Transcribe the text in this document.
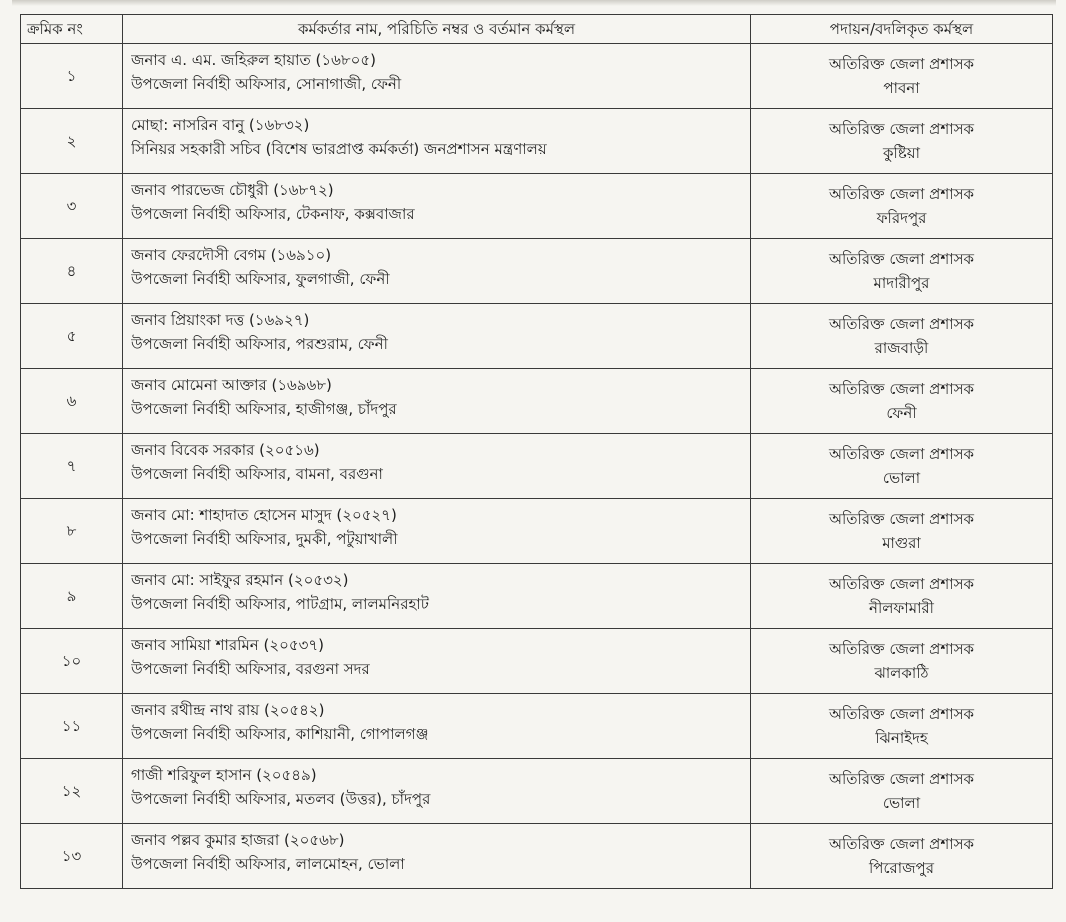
ক্রমিক নং	কর্মকর্তার নাম, পরিচিতি নম্বর ও বর্তমান কর্মস্থল	পদায়ন/বদলিকৃত কর্মস্থল
১	জনাব এ. এম. জহিরুল হায়াত (১৬৮০৫)
উপজেলা নির্বাহী অফিসার, সোনাগাজী, ফেনী	অতিরিক্ত জেলা প্রশাসক
পাবনা

২	মোছা: নাসরিন বানু (১৬৮৩২)
সিনিয়র সহকারী সচিব (বিশেষ ভারপ্রাপ্ত কর্মকর্তা) জনপ্রশাসন মন্ত্রণালয়	অতিরিক্ত জেলা প্রশাসক
কুষ্টিয়া

৩	জনাব পারভেজ চৌধুরী (১৬৮৭২)
উপজেলা নির্বাহী অফিসার, টেকনাফ, কক্সবাজার	অতিরিক্ত জেলা প্রশাসক
ফরিদপুর

৪	জনাব ফেরদৌসী বেগম (১৬৯১০)
উপজেলা নির্বাহী অফিসার, ফুলগাজী, ফেনী	অতিরিক্ত জেলা প্রশাসক
মাদারীপুর

৫	জনাব প্রিয়াংকা দত্ত (১৬৯২৭)
উপজেলা নির্বাহী অফিসার, পরশুরাম, ফেনী	অতিরিক্ত জেলা প্রশাসক
রাজবাড়ী

৬	জনাব মোমেনা আক্তার (১৬৯৬৮)
উপজেলা নির্বাহী অফিসার, হাজীগঞ্জ, চাঁদপুর	অতিরিক্ত জেলা প্রশাসক
ফেনী

৭	জনাব বিবেক সরকার (২০৫১৬)
উপজেলা নির্বাহী অফিসার, বামনা, বরগুনা	অতিরিক্ত জেলা প্রশাসক
ভোলা

৮	জনাব মো: শাহাদাত হোসেন মাসুদ (২০৫২৭)
উপজেলা নির্বাহী অফিসার, দুমকী, পটুয়াখালী	অতিরিক্ত জেলা প্রশাসক
মাগুরা

৯	জনাব মো: সাইফুর রহমান (২০৫৩২)
উপজেলা নির্বাহী অফিসার, পাটগ্রাম, লালমনিরহাট	অতিরিক্ত জেলা প্রশাসক
নীলফামারী

১০	জনাব সামিয়া শারমিন (২০৫৩৭)
উপজেলা নির্বাহী অফিসার, বরগুনা সদর	অতিরিক্ত জেলা প্রশাসক
ঝালকাঠি

১১	জনাব রথীন্দ্র নাথ রায় (২০৫৪২)
উপজেলা নির্বাহী অফিসার, কাশিয়ানী, গোপালগঞ্জ	অতিরিক্ত জেলা প্রশাসক
ঝিনাইদহ

১২	গাজী শরিফুল হাসান (২০৫৪৯)
উপজেলা নির্বাহী অফিসার, মতলব (উত্তর), চাঁদপুর	অতিরিক্ত জেলা প্রশাসক
ভোলা

১৩	জনাব পল্লব কুমার হাজরা (২০৫৬৮)
উপজেলা নির্বাহী অফিসার, লালমোহন, ভোলা	অতিরিক্ত জেলা প্রশাসক
পিরোজপুর
